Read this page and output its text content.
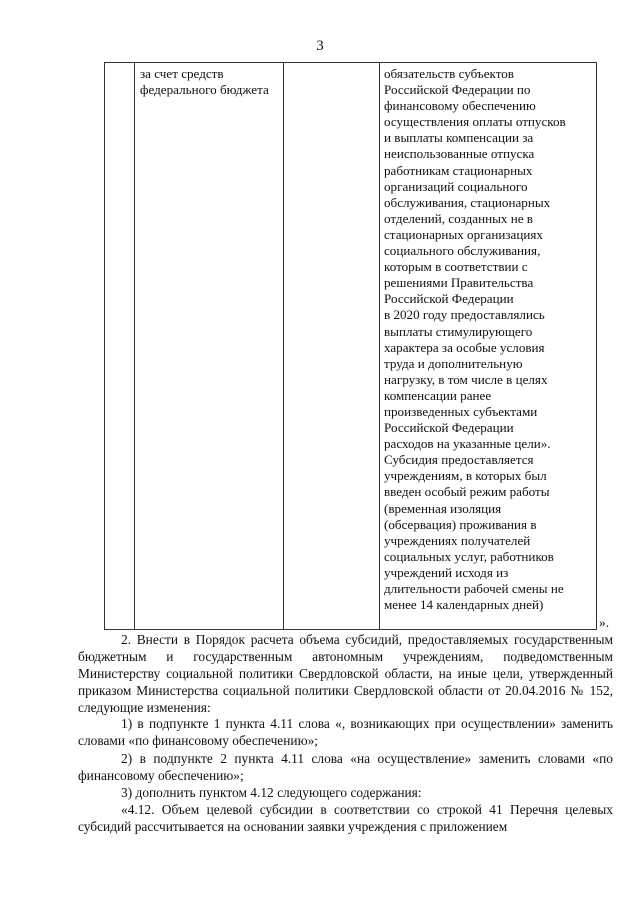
3
за счет средств
федерального бюджета
обязательств субъектов
Российской Федерации по
финансовому обеспечению
осуществления оплаты отпусков
и выплаты компенсации за
неиспользованные отпуска
работникам стационарных
организаций социального
обслуживания, стационарных
отделений, созданных не в
стационарных организациях
социального обслуживания,
которым в соответствии с
решениями Правительства
Российской Федерации
в 2020 году предоставлялись
выплаты стимулирующего
характера за особые условия
труда и дополнительную
нагрузку, в том числе в целях
компенсации ранее
произведенных субъектами
Российской Федерации
расходов на указанные цели».
Субсидия предоставляется
учреждениям, в которых был
введен особый режим работы
(временная изоляция
(обсервация) проживания в
учреждениях получателей
социальных услуг, работников
учреждений исходя из
длительности рабочей смены не
менее 14 календарных дней)
».
2. Внести в Порядок расчета объема субсидий, предоставляемых государственным бюджетным и государственным автономным учреждениям, подведомственным Министерству социальной политики Свердловской области, на иные цели, утвержденный приказом Министерства социальной политики Свердловской области от 20.04.2016 № 152, следующие изменения:
1) в подпункте 1 пункта 4.11 слова «, возникающих при осуществлении» заменить словами «по финансовому обеспечению»;
2) в подпункте 2 пункта 4.11 слова «на осуществление» заменить словами «по финансовому обеспечению»;
3) дополнить пунктом 4.12 следующего содержания:
«4.12. Объем целевой субсидии в соответствии со строкой 41 Перечня целевых субсидий рассчитывается на основании заявки учреждения с приложением
